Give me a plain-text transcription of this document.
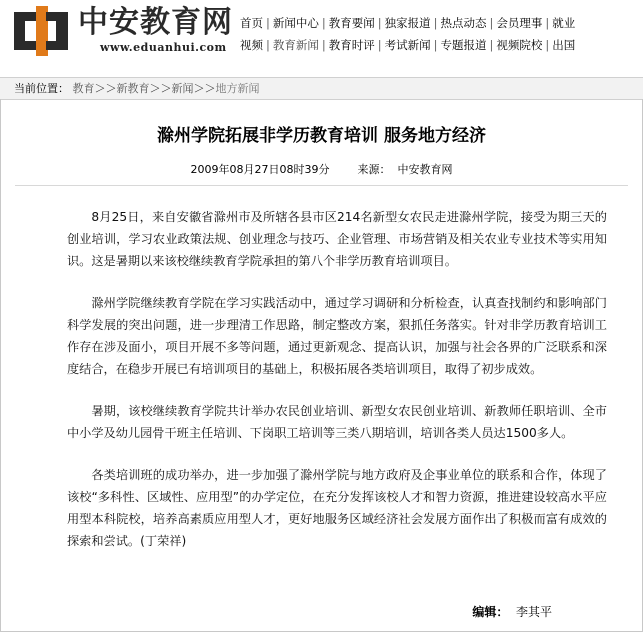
中安教育网
www.eduanhui.com
首页 | 新闻中心 | 教育要闻 | 独家报道 | 热点动态 | 会员理事 | 就业
视频 | 教育新闻 | 教育时评 | 考试新闻 | 专题报道 | 视频院校 | 出国
当前位置： 教育＞＞新教育＞＞新闻＞＞地方新闻
滁州学院拓展非学历教育培训 服务地方经济
2009年08月27日08时39分	来源： 中安教育网

8月25日，来自安徽省滁州市及所辖各县市区214名新型女农民走进滁州学院，接受为期三天的创业培训，学习农业政策法规、创业理念与技巧、企业管理、市场营销及相关农业专业技术等实用知识。这是暑期以来该校继续教育学院承担的第八个非学历教育培训项目。

滁州学院继续教育学院在学习实践活动中，通过学习调研和分析检查，认真查找制约和影响部门科学发展的突出问题，进一步理清工作思路，制定整改方案，狠抓任务落实。针对非学历教育培训工作存在涉及面小，项目开展不多等问题，通过更新观念、提高认识，加强与社会各界的广泛联系和深度结合，在稳步开展已有培训项目的基础上，积极拓展各类培训项目，取得了初步成效。

暑期，该校继续教育学院共计举办农民创业培训、新型女农民创业培训、新教师任职培训、全市中小学及幼儿园骨干班主任培训、下岗职工培训等三类八期培训，培训各类人员达1500多人。

各类培训班的成功举办，进一步加强了滁州学院与地方政府及企事业单位的联系和合作，体现了该校“多科性、区域性、应用型”的办学定位，在充分发挥该校人才和智力资源，推进建设较高水平应用型本科院校，培养高素质应用型人才，更好地服务区域经济社会发展方面作出了积极而富有成效的探索和尝试。(丁荣祥)

编辑： 李其平
